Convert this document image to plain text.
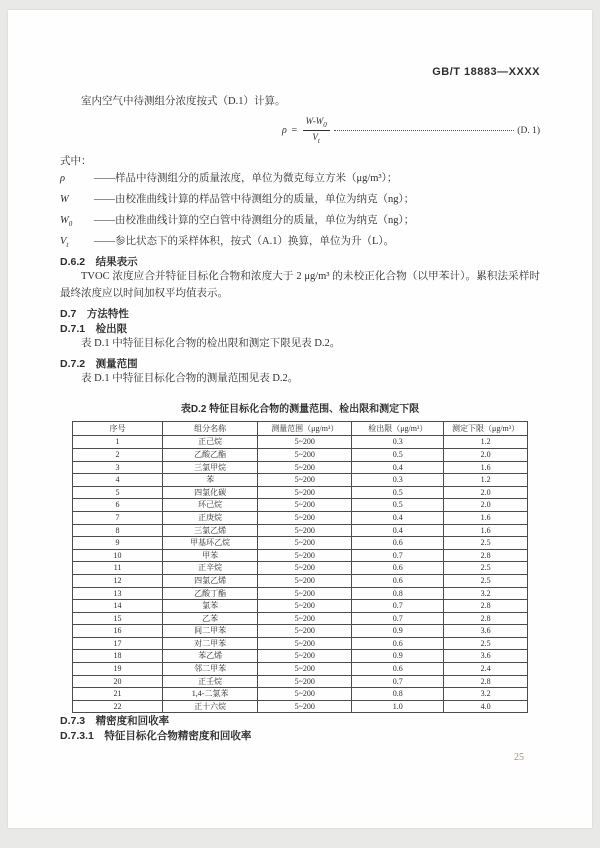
GB/T 18883—XXXX

室内空气中待测组分浓度按式（D.1）计算。

$\rho = \frac{W-W_0}{V_t}$	(D. 1)
式中：
ρ	——样品中待测组分的质量浓度，单位为微克每立方米（μg/m³）；
W	——由校准曲线计算的样品管中待测组分的质量，单位为纳克（ng）；
$W_0$	——由校准曲线计算的空白管中待测组分的质量，单位为纳克（ng）；
$V_t$	——参比状态下的采样体积，按式（A.1）换算，单位为升（L）。
D.6.2　结果表示

TVOC 浓度应合并特征目标化合物和浓度大于 2 μg/m³ 的未校正化合物（以甲苯计）。累积法采样时最终浓度应以时间加权平均值表示。

D.7　方法特性
D.7.1　检出限

表 D.1 中特征目标化合物的检出限和测定下限见表 D.2。

D.7.2　测量范围

表 D.1 中特征目标化合物的测量范围见表 D.2。

表D.2 特征目标化合物的测量范围、检出限和测定下限
序号	组分名称	测量范围（μg/m³）	检出限（μg/m³）	测定下限（μg/m³）
1	正己烷	5~200	0.3	1.2
2	乙酸乙酯	5~200	0.5	2.0
3	三氯甲烷	5~200	0.4	1.6
4	苯	5~200	0.3	1.2
5	四氯化碳	5~200	0.5	2.0
6	环己烷	5~200	0.5	2.0
7	正庚烷	5~200	0.4	1.6
8	三氯乙烯	5~200	0.4	1.6
9	甲基环乙烷	5~200	0.6	2.5
10	甲苯	5~200	0.7	2.8
11	正辛烷	5~200	0.6	2.5
12	四氯乙烯	5~200	0.6	2.5
13	乙酸丁酯	5~200	0.8	3.2
14	氯苯	5~200	0.7	2.8
15	乙苯	5~200	0.7	2.8
16	间二甲苯	5~200	0.9	3.6
17	对二甲苯	5~200	0.6	2.5
18	苯乙烯	5~200	0.9	3.6
19	邻二甲苯	5~200	0.6	2.4
20	正壬烷	5~200	0.7	2.8
21	1,4-二氯苯	5~200	0.8	3.2
22	正十六烷	5~200	1.0	4.0
D.7.3　精密度和回收率
D.7.3.1　特征目标化合物精密度和回收率
25
